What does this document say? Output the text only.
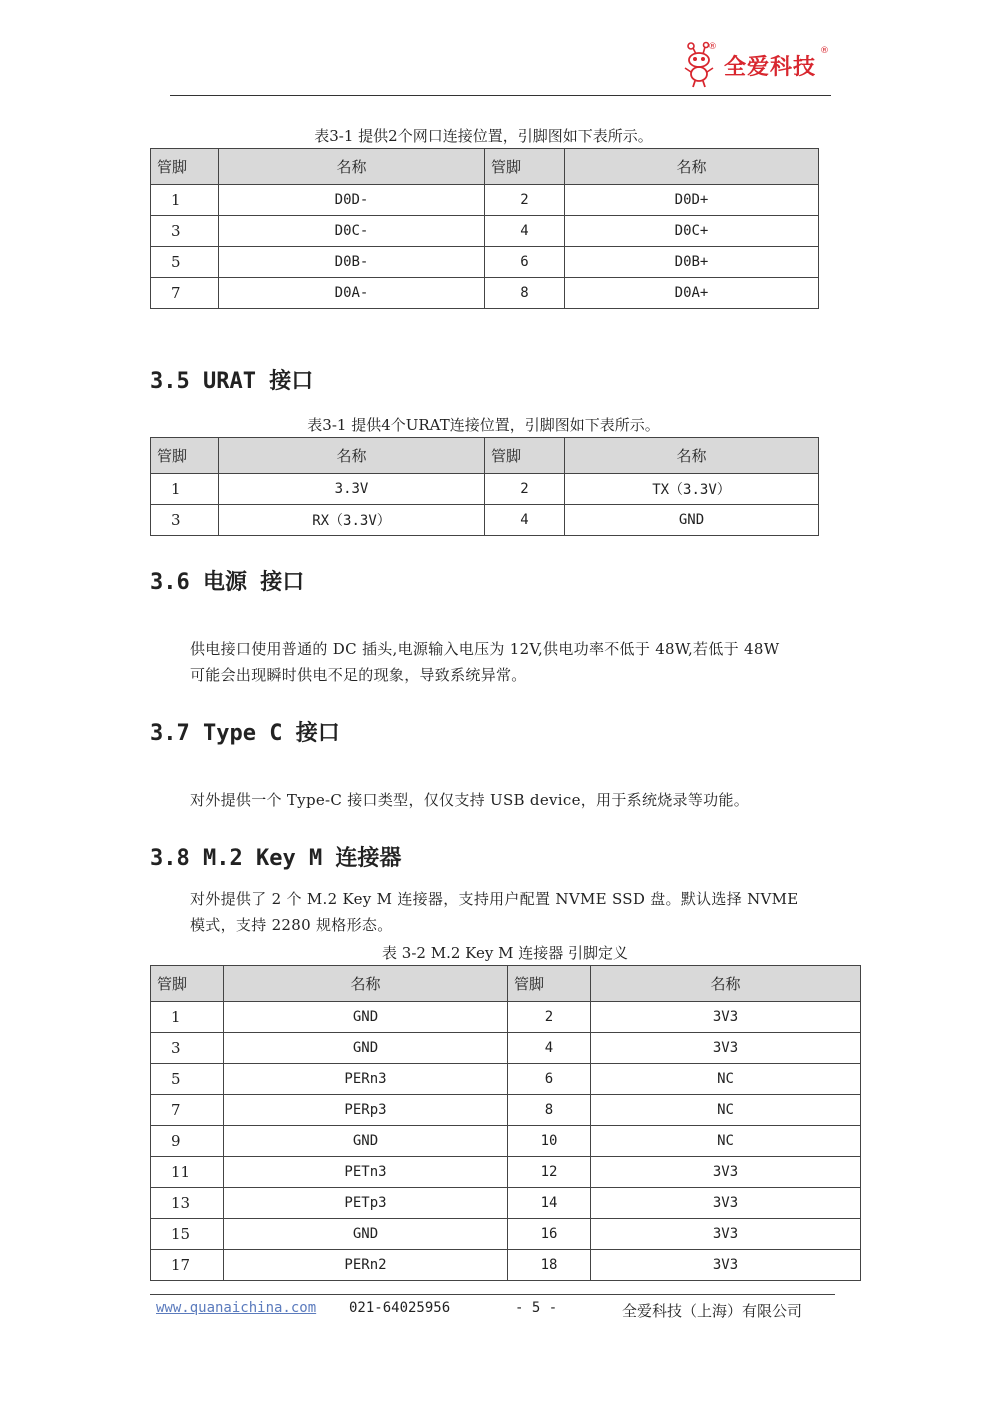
®
全爱科技
®
表3-1 提供2个网口连接位置，引脚图如下表所示。
管脚	名称	管脚	名称
1	D0D-	2	D0D+
3	D0C-	4	D0C+
5	D0B-	6	D0B+
7	D0A-	8	D0A+
3.5 URAT 接口
表3-1 提供4个URAT连接位置，引脚图如下表所示。
管脚	名称	管脚	名称
1	3.3V	2	TX（3.3V）
3	RX（3.3V）	4	GND
3.6 电源 接口
供电接口使用普通的 DC 插头,电源输入电压为 12V,供电功率不低于 48W,若低于 48W
可能会出现瞬时供电不足的现象，导致系统异常。
3.7 Type C 接口
对外提供一个 Type-C 接口类型，仅仅支持 USB device，用于系统烧录等功能。
3.8 M.2 Key M 连接器
对外提供了 2 个 M.2 Key M 连接器，支持用户配置 NVME SSD 盘。默认选择 NVME
模式，支持 2280 规格形态。
表 3-2 M.2 Key M 连接器 引脚定义
管脚	名称	管脚	名称
1	GND	2	3V3
3	GND	4	3V3
5	PERn3	6	NC
7	PERp3	8	NC
9	GND	10	NC
11	PETn3	12	3V3
13	PETp3	14	3V3
15	GND	16	3V3
17	PERn2	18	3V3
www.quanaichina.com 021-64025956	- 5 -	全爱科技（上海）有限公司
